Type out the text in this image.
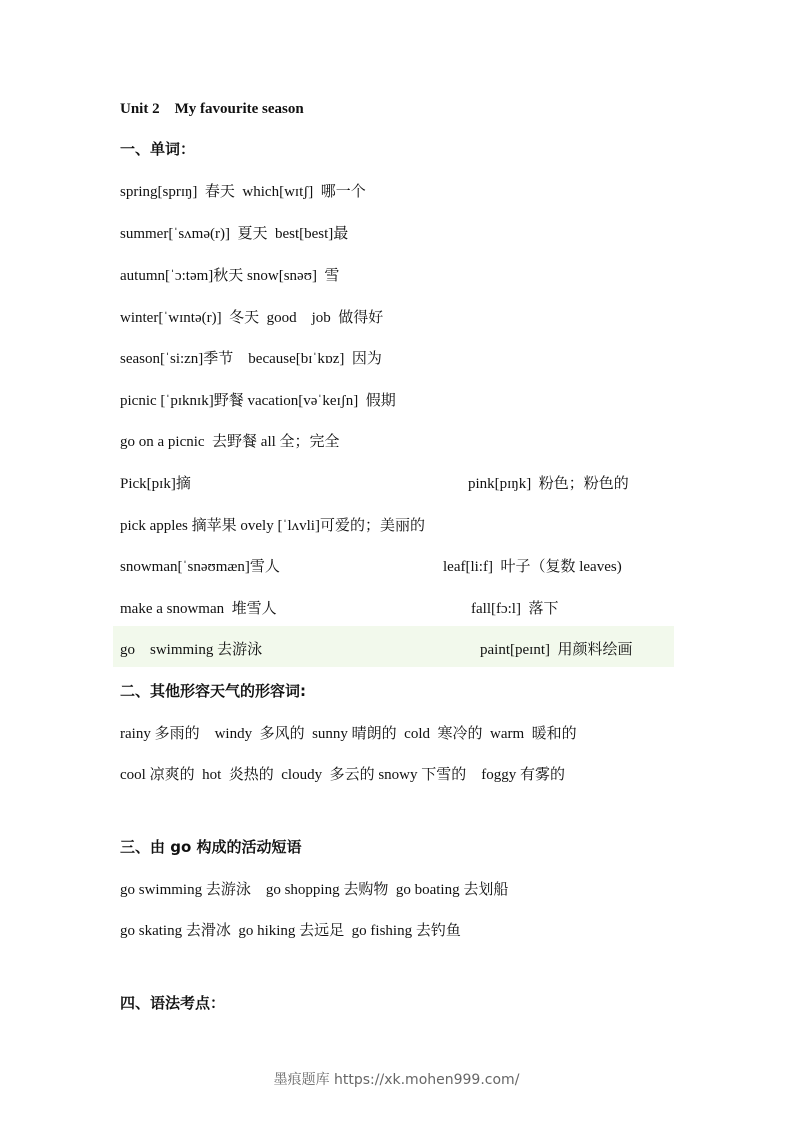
Unit 2    My favourite season
一、单词：
spring[sprɪŋ]  春天  which[wɪtʃ]  哪一个
summer[ˈsʌmə(r)]  夏天  best[best]最
autumn[ˈɔ:təm]秋天 snow[snəʊ]  雪
winter[ˈwɪntə(r)]  冬天  good    job  做得好
season[ˈsi:zn]季节    because[bɪˈkɒz]  因为
picnic [ˈpɪknɪk]野餐 vacation[vəˈkeɪʃn]  假期
go on a picnic  去野餐 all 全；完全
Pick[pɪk]摘	pink[pɪŋk]  粉色；粉色的
pick apples 摘苹果 ovely [ˈlʌvli]可爱的；美丽的
snowman[ˈsnəʊmæn]雪人	leaf[li:f]  叶子（复数 leaves)
make a snowman  堆雪人	fall[fɔ:l]  落下
go    swimming 去游泳	paint[peɪnt]  用颜料绘画
二、其他形容天气的形容词:
rainy 多雨的    windy  多风的  sunny 晴朗的  cold  寒冷的  warm  暖和的
cool 凉爽的  hot  炎热的  cloudy  多云的 snowy 下雪的    foggy 有雾的
三、由 go 构成的活动短语
go swimming 去游泳    go shopping 去购物  go boating 去划船
go skating 去滑冰  go hiking 去远足  go fishing 去钓鱼
四、语法考点：
墨痕题库 https://xk.mohen999.com/
